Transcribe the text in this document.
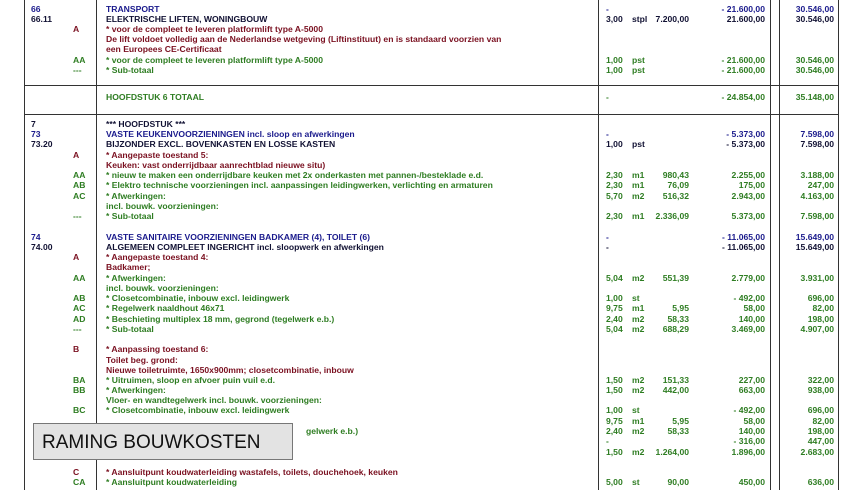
66	TRANSPORT	-	- 21.600,00	30.546,00
66.11	ELEKTRISCHE LIFTEN, WONINGBOUW	3,00 stpl 7.200,00	21.600,00	30.546,00
A	* voor de compleet te leveren platformlift type A-5000
De lift voldoet volledig aan de Nederlandse wetgeving (Liftinstituut) en is standaard voorzien van
een Europees CE-Certificaat
AA * voor de compleet te leveren platformlift type A-5000	1,00 pst	- 21.600,00	30.546,00
---	* Sub-totaal	1,00 pst	- 21.600,00	30.546,00
HOOFDSTUK 6 TOTAAL	-	- 24.854,00	35.148,00
7	*** HOOFDSTUK ***
73	VASTE KEUKENVOORZIENINGEN incl. sloop en afwerkingen	-	- 5.373,00	7.598,00
73.20	BIJZONDER EXCL. BOVENKASTEN EN LOSSE KASTEN	1,00 pst	- 5.373,00	7.598,00
A	* Aangepaste toestand 5:
Keuken: vast onderrijdbaar aanrechtblad nieuwe situ)
AA * nieuw te maken een onderrijdbare keuken met 2x onderkasten met pannen-/besteklade e.d.	2,30 m1 980,43	2.255,00	3.188,00
AB * Elektro technische voorzieningen incl. aanpassingen leidingwerken, verlichting en armaturen	2,30 m1	76,09	175,00	247,00
AC * Afwerkingen:	5,70 m2 516,32	2.943,00	4.163,00
incl. bouwk. voorzieningen:
---	* Sub-totaal	2,30 m1 2.336,09	5.373,00	7.598,00
74	VASTE SANITAIRE VOORZIENINGEN BADKAMER (4), TOILET (6)	-	- 11.065,00	15.649,00
74.00	ALGEMEEN COMPLEET INGERICHT incl. sloopwerk en afwerkingen	-	- 11.065,00	15.649,00
A	* Aangepaste toestand 4:
Badkamer;
AA * Afwerkingen:	5,04 m2 551,39	2.779,00	3.931,00
incl. bouwk. voorzieningen:
AB * Closetcombinatie, inbouw excl. leidingwerk	1,00 st	- 492,00	696,00
AC * Regelwerk naaldhout 46x71	9,75 m1	5,95	58,00	82,00
AD * Beschieting multiplex 18 mm, gegrond (tegelwerk e.b.)	2,40 m2	58,33	140,00	198,00
---	* Sub-totaal	5,04 m2 688,29	3.469,00	4.907,00
B	* Aanpassing toestand 6:
Toilet beg. grond:
Nieuwe toiletruimte, 1650x900mm; closetcombinatie, inbouw
BA * Uitruimen, sloop en afvoer puin vuil e.d.	1,50 m2 151,33	227,00	322,00
BB * Afwerkingen:	1,50 m2 442,00	663,00	938,00
Vloer- en wandtegelwerk incl. bouwk. voorzieningen:
BC * Closetcombinatie, inbouw excl. leidingwerk	1,00 st	- 492,00	696,00
9,75 m1	5,95	58,00	82,00
gelwerk e.b.)	2,40 m2	58,33	140,00	198,00
-	- 316,00	447,00
1,50 m2 1.264,00	1.896,00	2.683,00
C	* Aansluitpunt koudwaterleiding wastafels, toilets, douchehoek, keuken
CA * Aansluitpunt koudwaterleiding	5,00 st	90,00	450,00	636,00
RAMING BOUWKOSTEN
